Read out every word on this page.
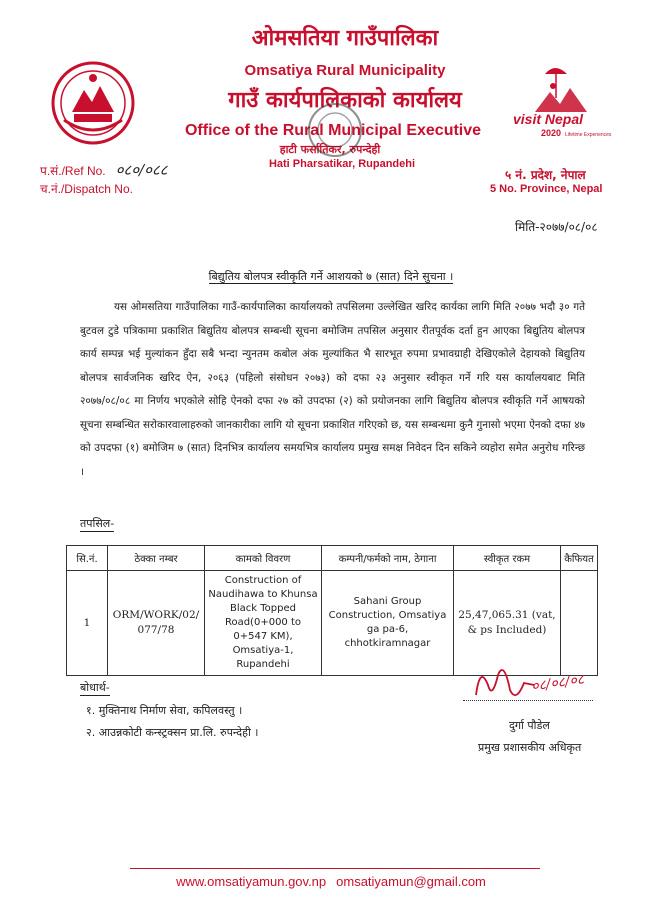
ओमसतिया गाउँपालिका
Omsatiya Rural Municipality
गाउँ कार्यपालिकाको कार्यालय
Office of the Rural Municipal Executive
हाटी फर्सातिकर, रुपन्देही
Hati Pharsatikar, Rupandehi
visit Nepal
2020 Lifetime Experiences
प.सं./Ref No. ०८०/०८८
च.नं./Dispatch No.
५ नं. प्रदेश, नेपाल
5 No. Province, Nepal
मिति-२०७७/०८/०८
बिद्युतिय बोलपत्र स्वीकृति गर्ने आशयको ७ (सात) दिने सुचना ।
यस ओमसतिया गाउँपालिका गाउँ-कार्यपालिका कार्यालयको तपसिलमा उल्लेखित खरिद कार्यका लागि मिति २०७७ भदौ ३० गते बुटवल टुडे पत्रिकामा प्रकाशित बिद्युतिय बोलपत्र सम्बन्धी सूचना बमोजिम तपसिल अनुसार रीतपूर्वक दर्ता हुन आएका बिद्युतिय बोलपत्र कार्य सम्पन्न भई मुल्यांकन हुँदा सबै भन्दा न्युनतम कबोल अंक मुल्यांकित भै सारभूत रुपमा प्रभावग्राही देखिएकोले देहायको बिद्युतिय बोलपत्र सार्वजनिक खरिद ऐन, २०६३ (पहिलो संसोधन २०७३) को दफा २३ अनुसार स्वीकृत गर्ने गरि यस कार्यालयबाट मिति २०७७/०८/०८ मा निर्णय भएकोले सोहि ऐनको दफा २७ को उपदफा (२) को प्रयोजनका लागि बिद्युतिय बोलपत्र स्वीकृति गर्ने आषयको सूचना सम्बन्धित सरोकारवालाहरुको जानकारीका लागि यो सूचना प्रकाशित गरिएको छ, यस सम्बन्धमा कुनै गुनासो भएमा ऐनको दफा ४७ को उपदफा (१) बमोजिम ७ (सात) दिनभित्र कार्यालय समयभित्र कार्यालय प्रमुख समक्ष निवेदन दिन सकिने व्यहोरा समेत अनुरोध गरिन्छ ।
तपसिल-
सि.नं.	ठेक्का नम्बर	कामको विवरण	कम्पनी/फर्मको नाम, ठेगाना	स्वीकृत रकम	कैफियत
1	ORM/WORK/02/ 077/78	Construction of Naudihawa to Khunsa Black Topped Road(0+000 to 0+547 KM), Omsatiya-1, Rupandehi	Sahani Group Construction, Omsatiya ga pa-6, chhotkiramnagar	25,47,065.31 (vat, & ps Included)	
बोधार्थ-
१. मुक्तिनाथ निर्माण सेवा, कपिलवस्तु ।
२. आउन्नकोटी कन्स्ट्रक्सन प्रा.लि. रुपन्देही ।
०८/०८/०८
दुर्गा पौडेल
प्रमुख प्रशासकीय अधिकृत
www.omsatiyamun.gov.np omsatiyamun@gmail.com
